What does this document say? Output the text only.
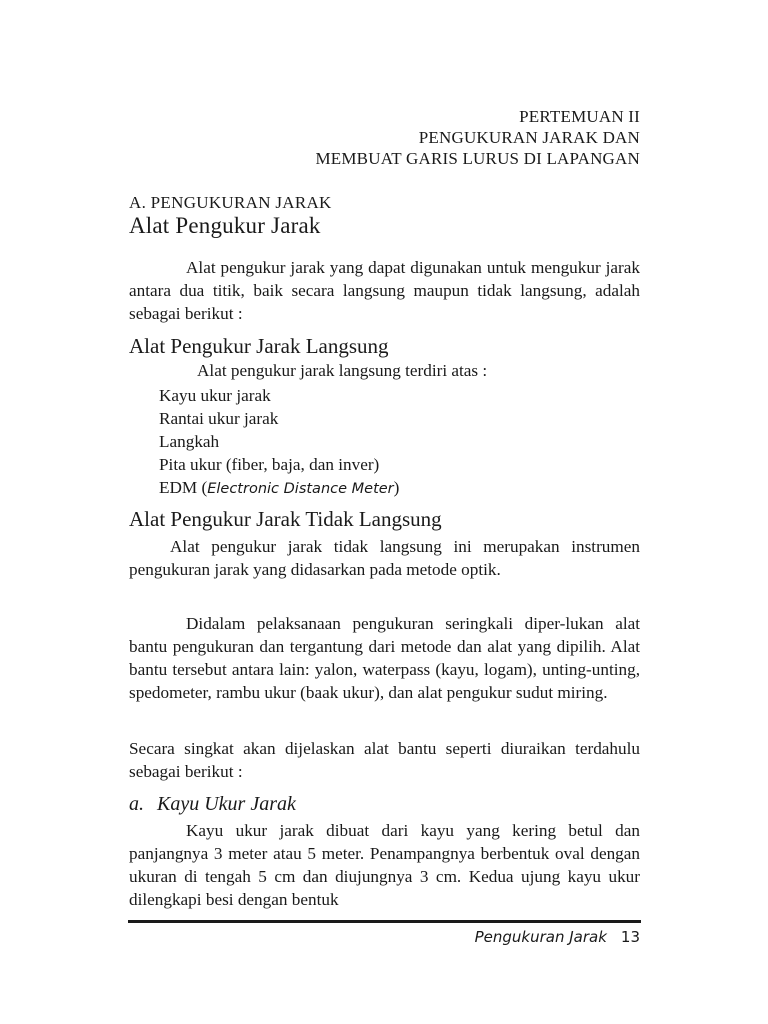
PERTEMUAN II
PENGUKURAN JARAK DAN
MEMBUAT GARIS LURUS DI LAPANGAN
A. PENGUKURAN JARAK
Alat Pengukur Jarak

Alat pengukur jarak yang dapat digunakan untuk mengukur jarak antara dua titik, baik secara langsung maupun tidak langsung, adalah sebagai berikut :

Alat Pengukur Jarak Langsung
Alat pengukur jarak langsung terdiri atas :
Kayu ukur jarak
Rantai ukur jarak
Langkah
Pita ukur (fiber, baja, dan inver)
EDM (Electronic Distance Meter)
Alat Pengukur Jarak Tidak Langsung

Alat pengukur jarak tidak langsung ini merupakan instrumen pengukuran jarak yang didasarkan pada metode optik.

Didalam pelaksanaan pengukuran seringkali diper-lukan alat bantu pengukuran dan tergantung dari metode dan alat yang dipilih. Alat bantu tersebut antara lain: yalon, waterpass (kayu, logam), unting-unting, spedometer, rambu ukur (baak ukur), dan alat pengukur sudut miring.

Secara singkat akan dijelaskan alat bantu seperti diuraikan terdahulu sebagai berikut :

a. Kayu Ukur Jarak

Kayu ukur jarak dibuat dari kayu yang kering betul dan panjangnya 3 meter atau 5 meter. Penampangnya berbentuk oval dengan ukuran di tengah 5 cm dan diujungnya 3 cm. Kedua ujung kayu ukur dilengkapi besi dengan bentuk

Pengukuran Jarak 13
